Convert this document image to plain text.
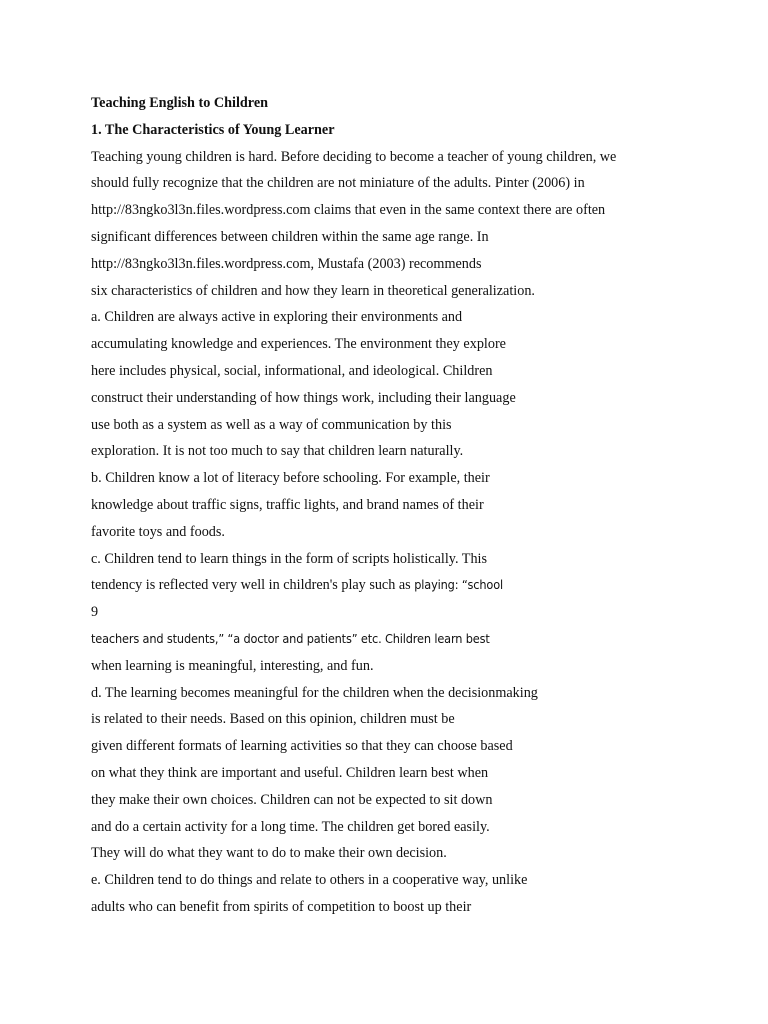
Teaching English to Children
1. The Characteristics of Young Learner
Teaching young children is hard. Before deciding to become a teacher of young children, we
should fully recognize that the children are not miniature of the adults. Pinter (2006) in
http://83ngko3l3n.files.wordpress.com claims that even in the same context there are often
significant differences between children within the same age range. In
http://83ngko3l3n.files.wordpress.com, Mustafa (2003) recommends
six characteristics of children and how they learn in theoretical generalization.
a. Children are always active in exploring their environments and
accumulating knowledge and experiences. The environment they explore
here includes physical, social, informational, and ideological. Children
construct their understanding of how things work, including their language
use both as a system as well as a way of communication by this
exploration. It is not too much to say that children learn naturally.
b. Children know a lot of literacy before schooling. For example, their
knowledge about traffic signs, traffic lights, and brand names of their
favorite toys and foods.
c. Children tend to learn things in the form of scripts holistically. This
tendency is reflected very well in children's play such as playing: “school
9
teachers and students,” “a doctor and patients” etc. Children learn best
when learning is meaningful, interesting, and fun.
d. The learning becomes meaningful for the children when the decisionmaking
is related to their needs. Based on this opinion, children must be
given different formats of learning activities so that they can choose based
on what they think are important and useful. Children learn best when
they make their own choices. Children can not be expected to sit down
and do a certain activity for a long time. The children get bored easily.
They will do what they want to do to make their own decision.
e. Children tend to do things and relate to others in a cooperative way, unlike
adults who can benefit from spirits of competition to boost up their
